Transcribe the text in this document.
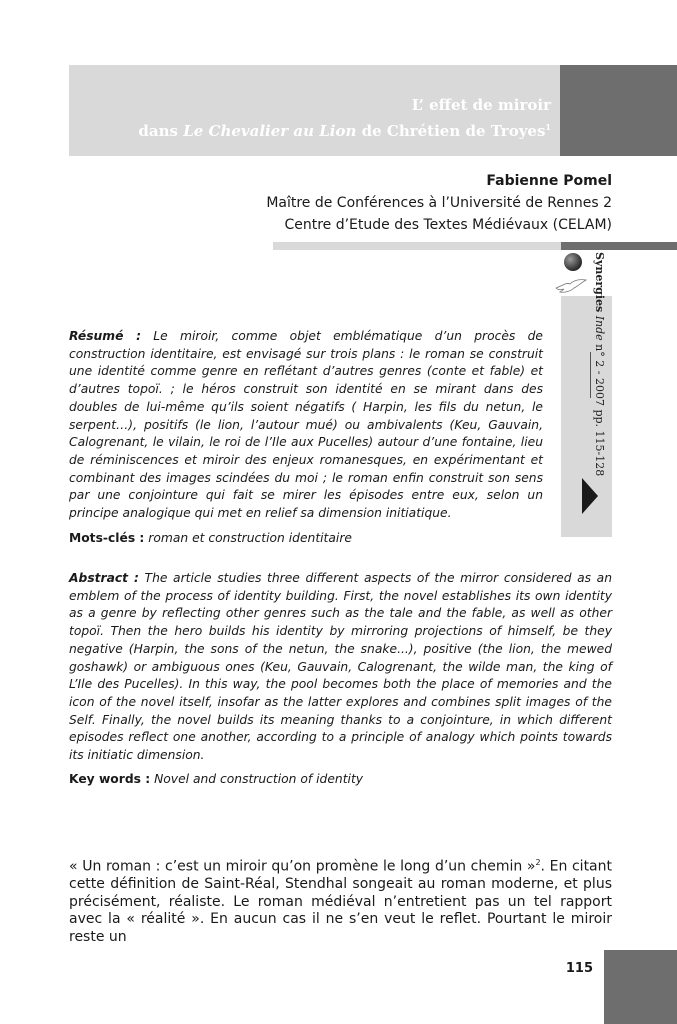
L’ effet de miroir
dans Le Chevalier au Lion de Chrétien de Troyes$^1$
Fabienne Pomel
Maître de Conférences à l’Université de Rennes 2
Centre d’Etude des Textes Médiévaux (CELAM)
Synergies Inde n° 2 - 2007 pp. 115-128
Résumé : Le miroir, comme objet emblématique d’un procès de construction identitaire, est envisagé sur trois plans : le roman se construit une identité comme genre en reflétant d’autres genres (conte et fable) et d’autres topoï. ; le héros construit son identité en se mirant dans des doubles de lui-même qu’ils soient négatifs ( Harpin, les fils du netun, le serpent…), positifs (le lion, l’autour mué) ou ambivalents (Keu, Gauvain, Calogrenant, le vilain, le roi de l’Ile aux Pucelles) autour d’une fontaine, lieu de réminiscences et miroir des enjeux romanesques, en expérimentant et combinant des images scindées du moi ; le roman enfin construit son sens par une conjointure qui fait se mirer les épisodes entre eux, selon un principe analogique qui met en relief sa dimension initiatique.
Mots-clés : roman et construction identitaire
Abstract : The article studies three different aspects of the mirror considered as an emblem of the process of identity building. First, the novel establishes its own identity as a genre by reflecting other genres such as the tale and the fable, as well as other topoï. Then the hero builds his identity by mirroring projections of himself, be they negative (Harpin, the sons of the netun, the snake...), positive (the lion, the mewed goshawk) or ambiguous ones (Keu, Gauvain, Calogrenant, the wilde man, the king of L’Ile des Pucelles). In this way, the pool becomes both the place of memories and the icon of the novel itself, insofar as the latter explores and combines split images of the Self. Finally, the novel builds its meaning thanks to a conjointure, in which different episodes reflect one another, according to a principle of analogy which points towards its initiatic dimension.
Key words : Novel and construction of identity
« Un roman : c’est un miroir qu’on promène le long d’un chemin »$^2$. En citant cette définition de Saint-Réal, Stendhal songeait au roman moderne, et plus précisément, réaliste. Le roman médiéval n’entretient pas un tel rapport avec la « réalité ». En aucun cas il ne s’en veut le reflet. Pourtant le miroir reste un
115
